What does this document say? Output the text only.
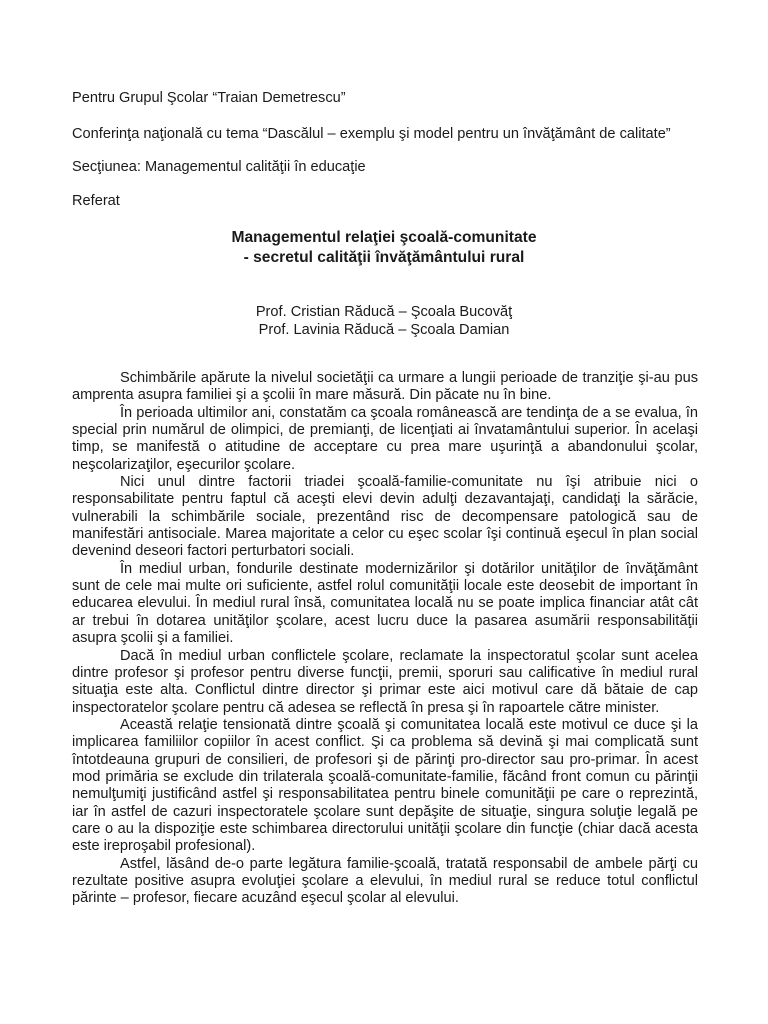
Pentru Grupul Şcolar “Traian Demetrescu”

Conferinţa naţională cu tema “Dascălul – exemplu şi model pentru un învăţământ de calitate”

Secţiunea: Managementul calităţii în educaţie

Referat

Managementul relaţiei şcoală-comunitate
- secretul calităţii învăţământului rural
Prof. Cristian Răducă – Şcoala Bucovăţ
Prof. Lavinia Răducă – Şcoala Damian

Schimbările apărute la nivelul societăţii ca urmare a lungii perioade de tranziţie şi-au pus amprenta asupra familiei şi a şcolii în mare măsură. Din păcate nu în bine.

În perioada ultimilor ani, constatăm ca şcoala românească are tendinţa de a se evalua, în special prin numărul de olimpici, de premianţi, de licenţiati ai învatamântului superior. În acelaşi timp, se manifestă o atitudine de acceptare cu prea mare uşurinţă a abandonului şcolar, neşcolarizaţilor, eşecurilor şcolare.

Nici unul dintre factorii triadei şcoală-familie-comunitate nu îşi atribuie nici o responsabilitate pentru faptul că aceşti elevi devin adulţi dezavantajaţi, candidaţi la sărăcie, vulnerabili la schimbările sociale, prezentând risc de decompensare patologică sau de manifestări antisociale. Marea majoritate a celor cu eşec scolar îşi continuă eşecul în plan social devenind deseori factori perturbatori sociali.

În mediul urban, fondurile destinate modernizărilor şi dotărilor unităţilor de învăţământ sunt de cele mai multe ori suficiente, astfel rolul comunităţii locale este deosebit de important în educarea elevului. În mediul rural însă, comunitatea locală nu se poate implica financiar atât cât ar trebui în dotarea unităţilor şcolare, acest lucru duce la pasarea asumării responsabilităţii asupra şcolii şi a familiei.

Dacă în mediul urban conflictele şcolare, reclamate la inspectoratul şcolar sunt acelea dintre profesor şi profesor pentru diverse funcţii, premii, sporuri sau calificative în mediul rural situaţia este alta. Conflictul dintre director şi primar este aici motivul care dă bătaie de cap inspectoratelor şcolare pentru că adesea se reflectă în presa şi în rapoartele către minister.

Această relaţie tensionată dintre şcoală şi comunitatea locală este motivul ce duce şi la implicarea familiilor copiilor în acest conflict. Şi ca problema să devină şi mai complicată sunt întotdeauna grupuri de consilieri, de profesori şi de părinţi pro-director sau pro-primar. În acest mod primăria se exclude din trilaterala şcoală-comunitate-familie, făcând front comun cu părinţii nemulţumiţi justificând astfel şi responsabilitatea pentru binele comunităţii pe care o reprezintă, iar în astfel de cazuri inspectoratele şcolare sunt depăşite de situaţie, singura soluţie legală pe care o au la dispoziţie este schimbarea directorului unităţii şcolare din funcţie (chiar dacă acesta este ireproşabil profesional).

Astfel, lăsând de-o parte legătura familie-şcoală, tratată responsabil de ambele părţi cu rezultate positive asupra evoluţiei şcolare a elevului, în mediul rural se reduce totul conflictul părinte – profesor, fiecare acuzând eşecul şcolar al elevului.
